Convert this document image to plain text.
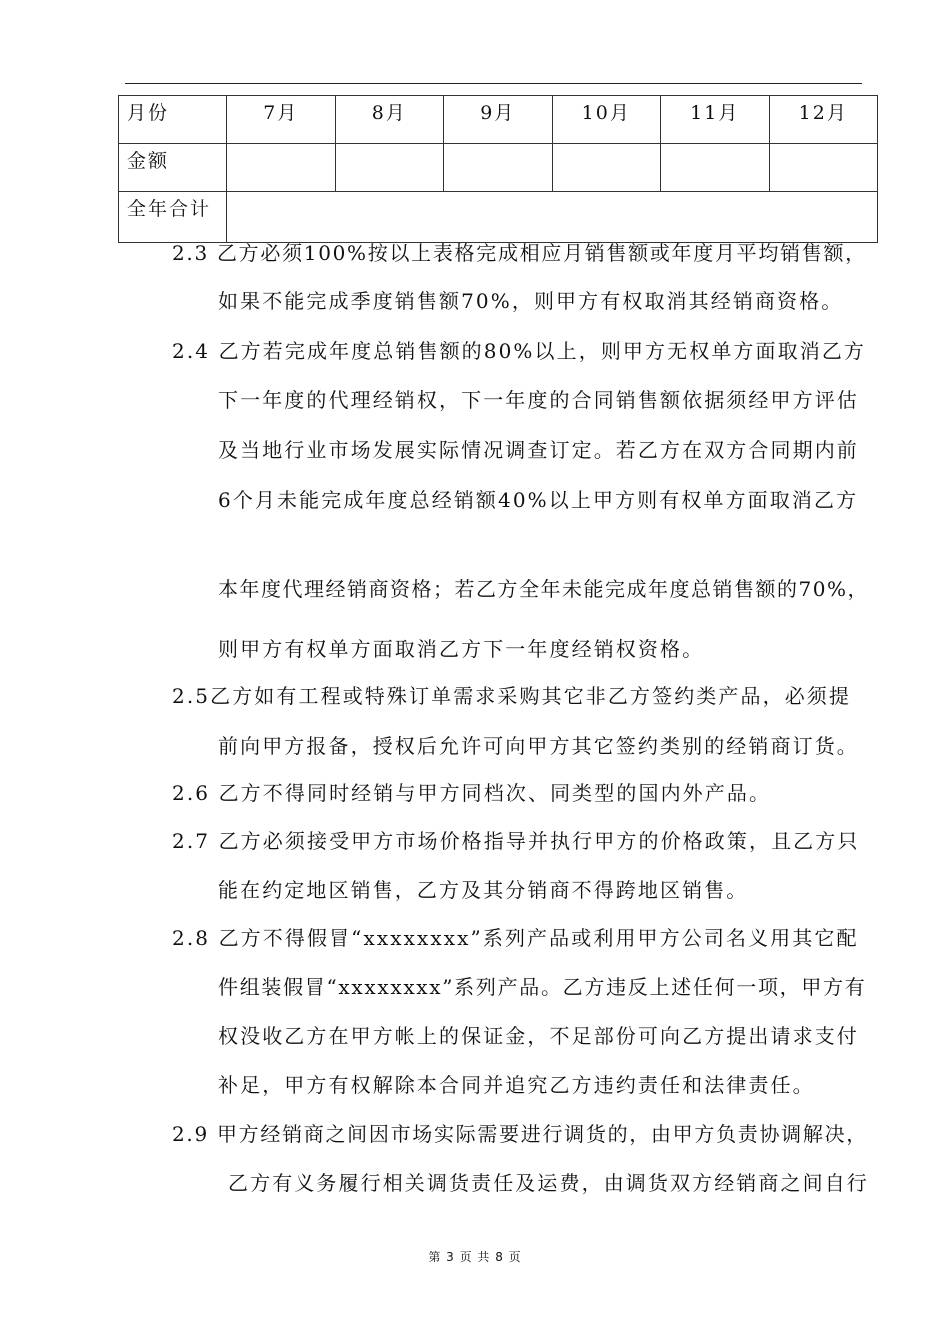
月份	7月	8月	9月	10月	11月	12月
金额						
全年合计						
2.3 乙方必须100%按以上表格完成相应月销售额或年度月平均销售额，
如果不能完成季度销售额70%，则甲方有权取消其经销商资格。
2.4 乙方若完成年度总销售额的80%以上，则甲方无权单方面取消乙方
下一年度的代理经销权，下一年度的合同销售额依据须经甲方评估
及当地行业市场发展实际情况调查订定。若乙方在双方合同期内前
6个月未能完成年度总经销额40%以上甲方则有权单方面取消乙方
本年度代理经销商资格；若乙方全年未能完成年度总销售额的70%，
则甲方有权单方面取消乙方下一年度经销权资格。
2.5乙方如有工程或特殊订单需求采购其它非乙方签约类产品，必须提
前向甲方报备，授权后允许可向甲方其它签约类别的经销商订货。
2.6 乙方不得同时经销与甲方同档次、同类型的国内外产品。
2.7 乙方必须接受甲方市场价格指导并执行甲方的价格政策，且乙方只
能在约定地区销售，乙方及其分销商不得跨地区销售。
2.8 乙方不得假冒“xxxxxxxx”系列产品或利用甲方公司名义用其它配
件组装假冒“xxxxxxxx”系列产品。乙方违反上述任何一项，甲方有
权没收乙方在甲方帐上的保证金，不足部份可向乙方提出请求支付
补足，甲方有权解除本合同并追究乙方违约责任和法律责任。
2.9 甲方经销商之间因市场实际需要进行调货的，由甲方负责协调解决，
乙方有义务履行相关调货责任及运费，由调货双方经销商之间自行
第 3 页 共 8 页
